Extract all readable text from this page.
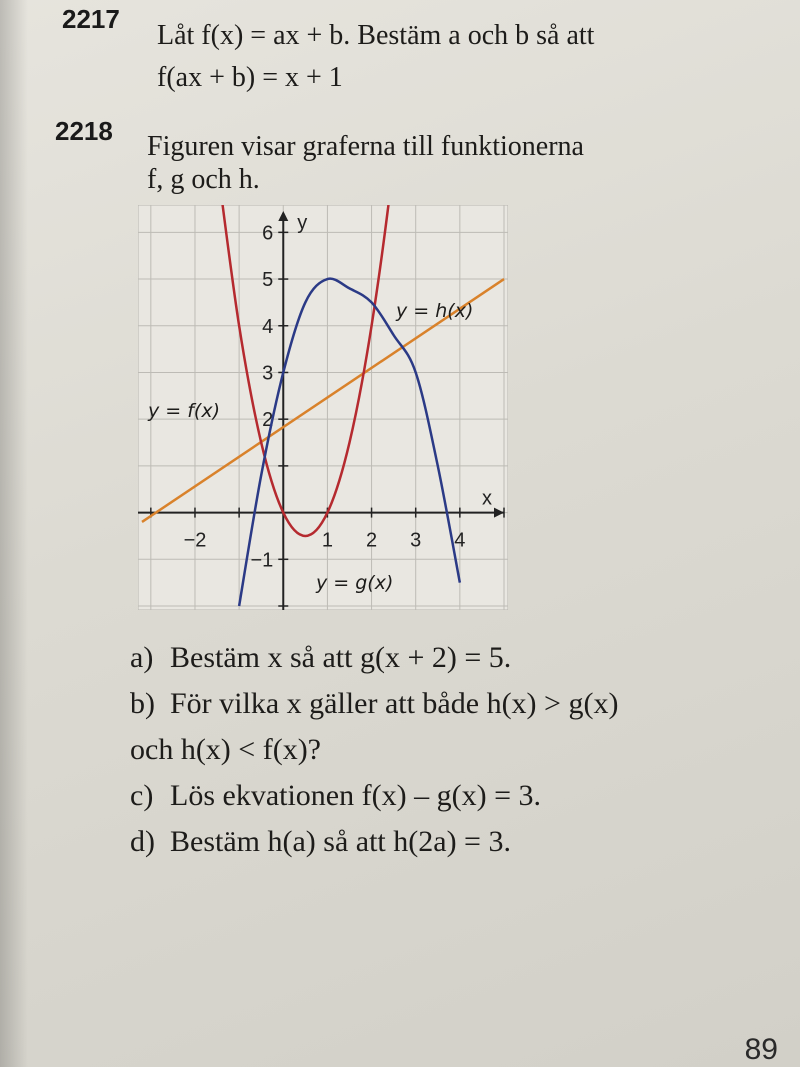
2217
Låt f(x) = ax + b. Bestäm a och b så att
f(ax + b) = x + 1
2218 Figuren visar graferna till funktionerna
f, g och h.
−2	1 2 3 4
−1
2
3
4
5
6
x
y
y = h(x)
y = f(x)
y = g(x)
a) Bestäm x så att g(x + 2) = 5.
b) För vilka x gäller att både h(x) > g(x)
och h(x) < f(x)?
c) Lös ekvationen f(x) – g(x) = 3.
d) Bestäm h(a) så att h(2a) = 3.
89
